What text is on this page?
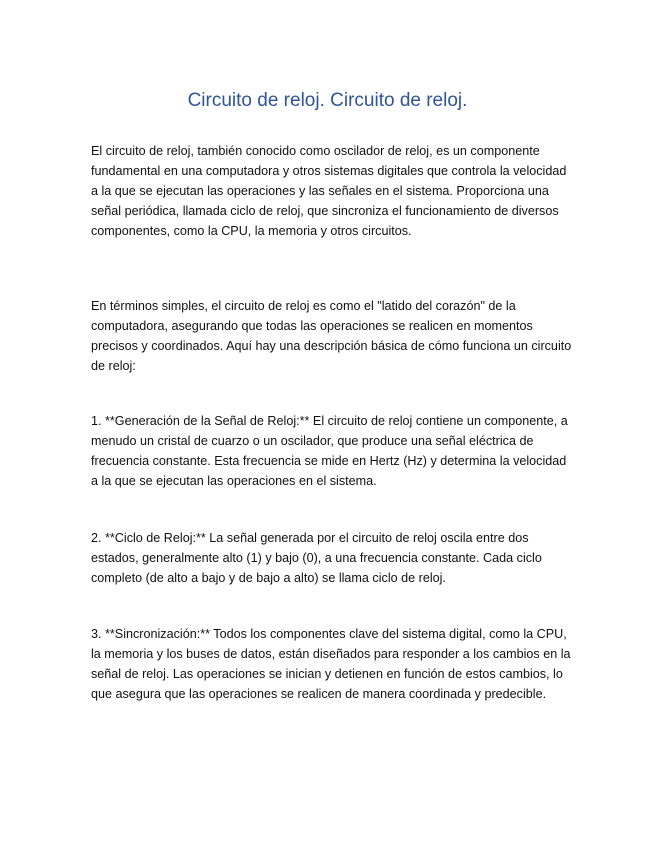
Circuito de reloj. Circuito de reloj.

El circuito de reloj, también conocido como oscilador de reloj, es un componente fundamental en una computadora y otros sistemas digitales que controla la velocidad a la que se ejecutan las operaciones y las señales en el sistema. Proporciona una señal periódica, llamada ciclo de reloj, que sincroniza el funcionamiento de diversos componentes, como la CPU, la memoria y otros circuitos.

En términos simples, el circuito de reloj es como el "latido del corazón" de la computadora, asegurando que todas las operaciones se realicen en momentos precisos y coordinados. Aquí hay una descripción básica de cómo funciona un circuito de reloj:

1. **Generación de la Señal de Reloj:** El circuito de reloj contiene un componente, a menudo un cristal de cuarzo o un oscilador, que produce una señal eléctrica de frecuencia constante. Esta frecuencia se mide en Hertz (Hz) y determina la velocidad a la que se ejecutan las operaciones en el sistema.

2. **Ciclo de Reloj:** La señal generada por el circuito de reloj oscila entre dos estados, generalmente alto (1) y bajo (0), a una frecuencia constante. Cada ciclo completo (de alto a bajo y de bajo a alto) se llama ciclo de reloj.

3. **Sincronización:** Todos los componentes clave del sistema digital, como la CPU, la memoria y los buses de datos, están diseñados para responder a los cambios en la señal de reloj. Las operaciones se inician y detienen en función de estos cambios, lo que asegura que las operaciones se realicen de manera coordinada y predecible.
